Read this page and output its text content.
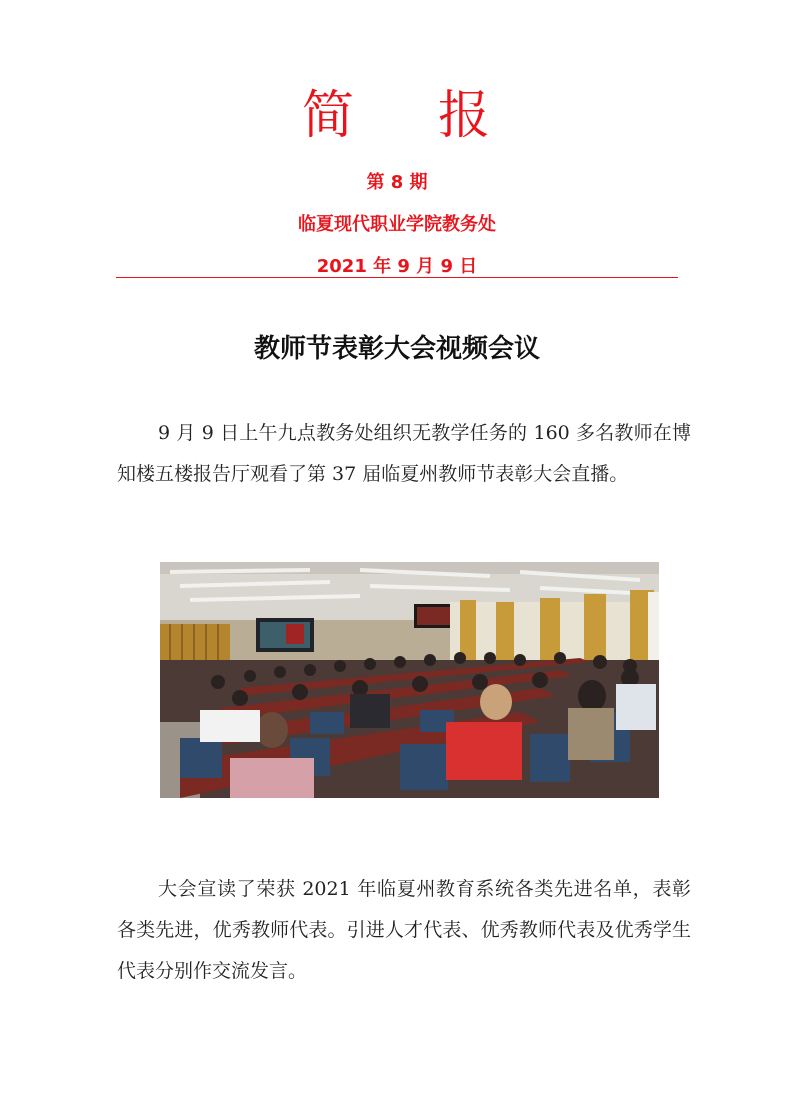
简 报
第 8 期
临夏现代职业学院教务处
2021 年 9 月 9 日
教师节表彰大会视频会议
9 月 9 日上午九点教务处组织无教学任务的 160 多名教师在博知楼五楼报告厅观看了第 37 届临夏州教师节表彰大会直播。
大会宣读了荣获 2021 年临夏州教育系统各类先进名单，表彰各类先进，优秀教师代表。引进人才代表、优秀教师代表及优秀学生代表分别作交流发言。
